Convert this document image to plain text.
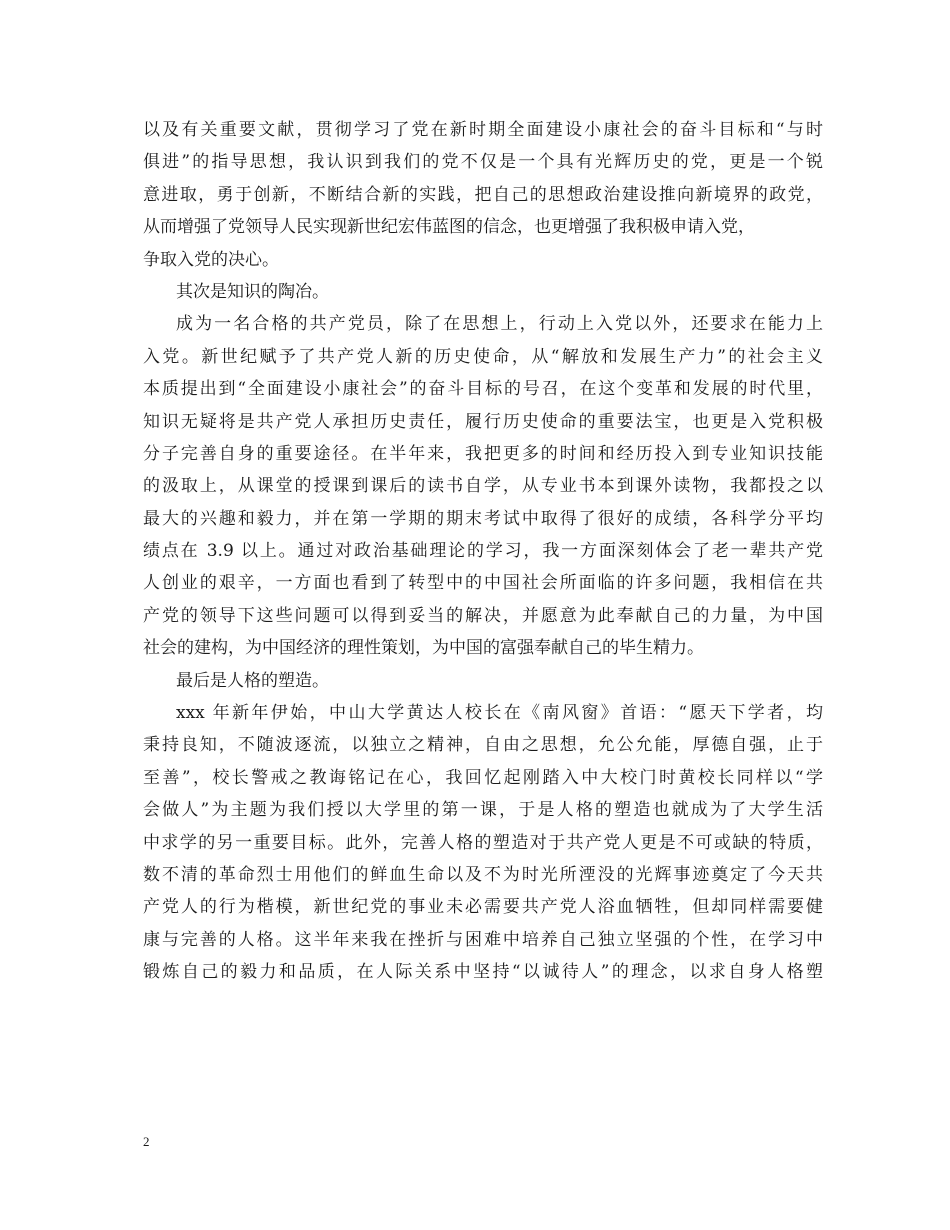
以及有关重要文献，贯彻学习了党在新时期全面建设小康社会的奋斗目标和“与时
俱进”的指导思想，我认识到我们的党不仅是一个具有光辉历史的党，更是一个锐
意进取，勇于创新，不断结合新的实践，把自己的思想政治建设推向新境界的政党，
从而增强了党领导人民实现新世纪宏伟蓝图的信念，也更增强了我积极申请入党，
争取入党的决心。
其次是知识的陶冶。
成为一名合格的共产党员，除了在思想上，行动上入党以外，还要求在能力上
入党。新世纪赋予了共产党人新的历史使命，从“解放和发展生产力”的社会主义
本质提出到“全面建设小康社会”的奋斗目标的号召，在这个变革和发展的时代里，
知识无疑将是共产党人承担历史责任，履行历史使命的重要法宝，也更是入党积极
分子完善自身的重要途径。在半年来，我把更多的时间和经历投入到专业知识技能
的汲取上，从课堂的授课到课后的读书自学，从专业书本到课外读物，我都投之以
最大的兴趣和毅力，并在第一学期的期末考试中取得了很好的成绩，各科学分平均
绩点在 3.9 以上。通过对政治基础理论的学习，我一方面深刻体会了老一辈共产党
人创业的艰辛，一方面也看到了转型中的中国社会所面临的许多问题，我相信在共
产党的领导下这些问题可以得到妥当的解决，并愿意为此奉献自己的力量，为中国
社会的建构，为中国经济的理性策划，为中国的富强奉献自己的毕生精力。
最后是人格的塑造。
xxx 年新年伊始，中山大学黄达人校长在《南风窗》首语：“愿天下学者，均
秉持良知，不随波逐流，以独立之精神，自由之思想，允公允能，厚德自强，止于
至善”，校长警戒之教诲铭记在心，我回忆起刚踏入中大校门时黄校长同样以“学
会做人”为主题为我们授以大学里的第一课，于是人格的塑造也就成为了大学生活
中求学的另一重要目标。此外，完善人格的塑造对于共产党人更是不可或缺的特质，
数不清的革命烈士用他们的鲜血生命以及不为时光所湮没的光辉事迹奠定了今天共
产党人的行为楷模，新世纪党的事业未必需要共产党人浴血牺牲，但却同样需要健
康与完善的人格。这半年来我在挫折与困难中培养自己独立坚强的个性，在学习中
锻炼自己的毅力和品质，在人际关系中坚持“以诚待人”的理念，以求自身人格塑
2
